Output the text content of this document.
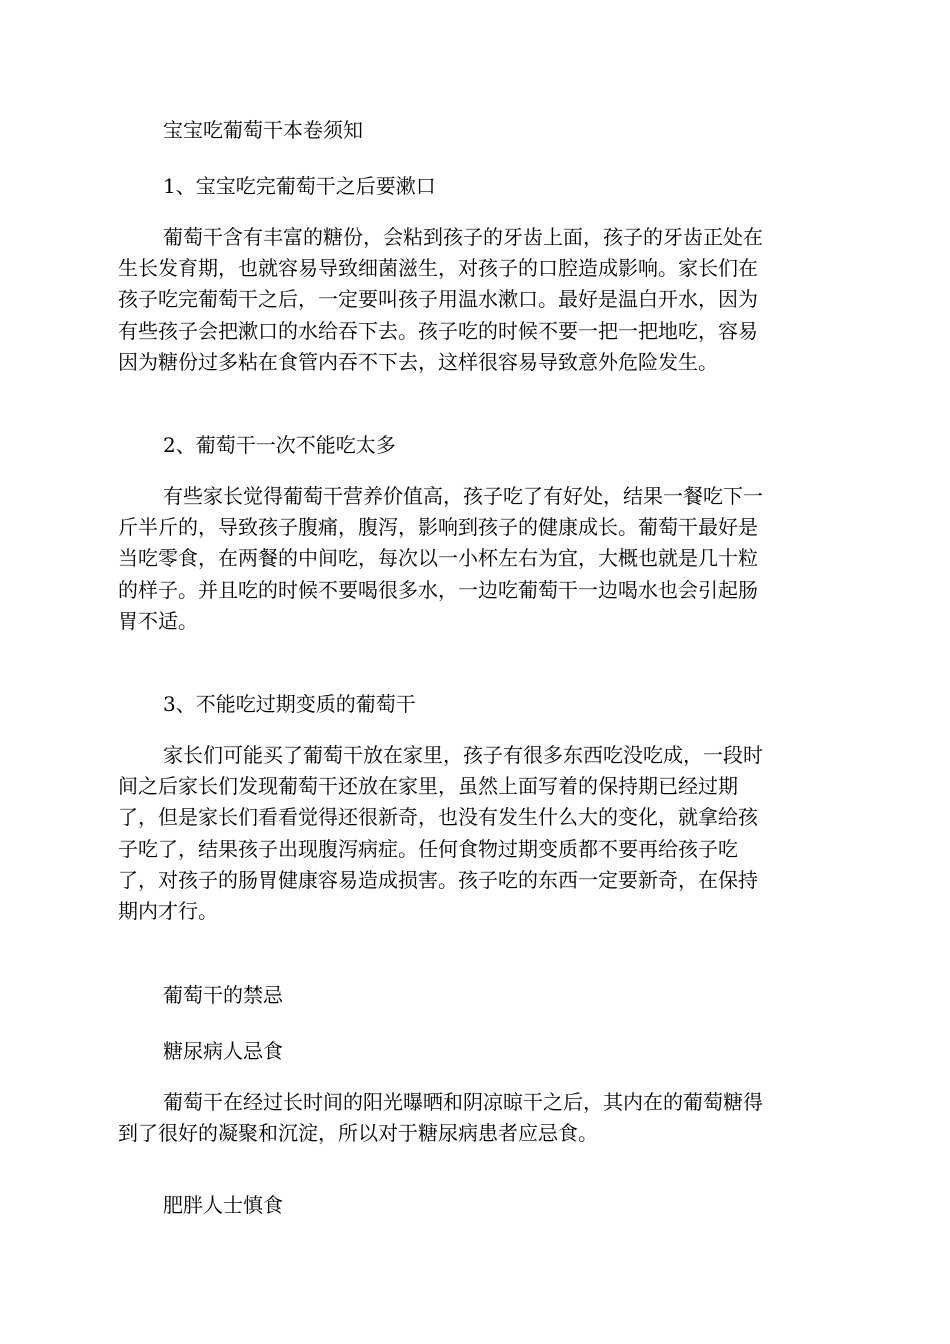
宝宝吃葡萄干本卷须知
1、宝宝吃完葡萄干之后要漱口
葡萄干含有丰富的糖份，会粘到孩子的牙齿上面，孩子的牙齿正处在
生长发育期，也就容易导致细菌滋生，对孩子的口腔造成影响。家长们在
孩子吃完葡萄干之后，一定要叫孩子用温水漱口。最好是温白开水，因为
有些孩子会把漱口的水给吞下去。孩子吃的时候不要一把一把地吃，容易
因为糖份过多粘在食管内吞不下去，这样很容易导致意外危险发生。
2、葡萄干一次不能吃太多
有些家长觉得葡萄干营养价值高，孩子吃了有好处，结果一餐吃下一
斤半斤的，导致孩子腹痛，腹泻，影响到孩子的健康成长。葡萄干最好是
当吃零食，在两餐的中间吃，每次以一小杯左右为宜，大概也就是几十粒
的样子。并且吃的时候不要喝很多水，一边吃葡萄干一边喝水也会引起肠
胃不适。
3、不能吃过期变质的葡萄干
家长们可能买了葡萄干放在家里，孩子有很多东西吃没吃成，一段时
间之后家长们发现葡萄干还放在家里，虽然上面写着的保持期已经过期
了，但是家长们看看觉得还很新奇，也没有发生什么大的变化，就拿给孩
子吃了，结果孩子出现腹泻病症。任何食物过期变质都不要再给孩子吃
了，对孩子的肠胃健康容易造成损害。孩子吃的东西一定要新奇，在保持
期内才行。
葡萄干的禁忌
糖尿病人忌食
葡萄干在经过长时间的阳光曝晒和阴凉晾干之后，其内在的葡萄糖得
到了很好的凝聚和沉淀，所以对于糖尿病患者应忌食。
肥胖人士慎食
